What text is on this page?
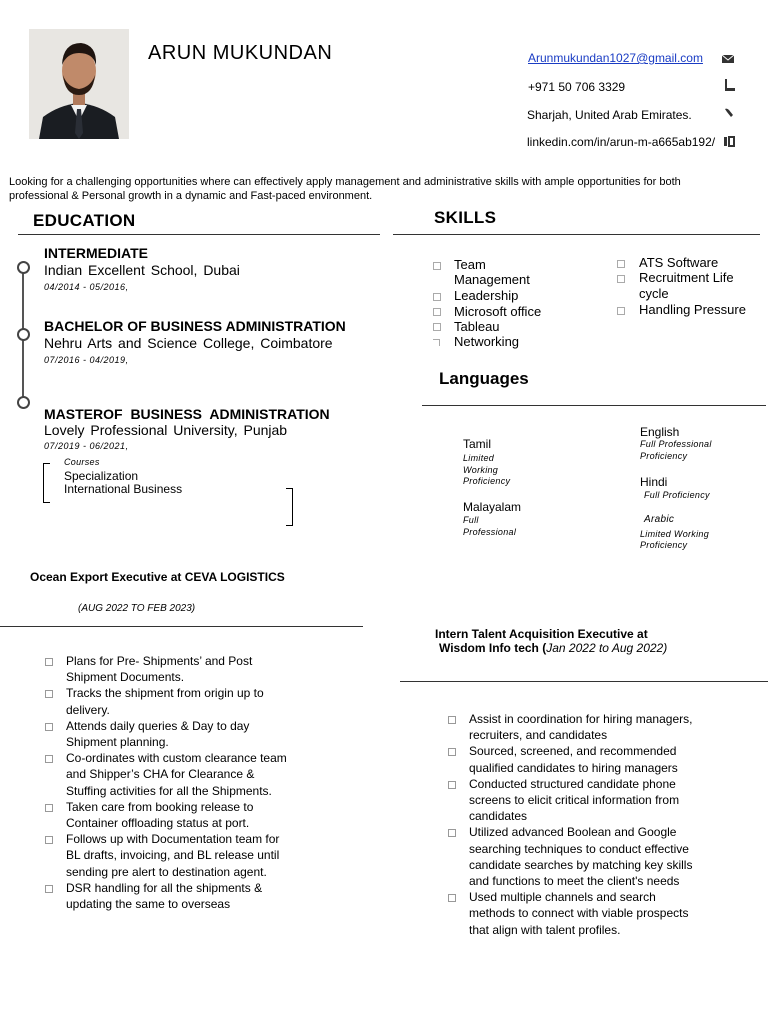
ARUN MUKUNDAN	Arunmukundan1027@gmail.com
+971 50 706 3329
Sharjah, United Arab Emirates.
linkedin.com/in/arun-m-a665ab192/
Looking for a challenging opportunities where can effectively apply management and administrative skills with ample opportunities for both professional & Personal growth in a dynamic and Fast-paced environment.
EDUCATION
INTERMEDIATE
Indian Excellent School, Dubai
04/2014 - 05/2016,
BACHELOR OF BUSINESS ADMINISTRATION
Nehru Arts and Science College, Coimbatore
07/2016 - 04/2019,
MASTEROF BUSINESS ADMINISTRATION
Lovely Professional University, Punjab
07/2019 - 06/2021,
Courses
Specialization
International Business
SKILLS
Team
Management
Leadership
Microsoft office
Tableau
Networking
ATS Software
Recruitment Life
cycle
Handling Pressure
Languages
Tamil
Limited
Working
Proficiency
Malayalam
Full
Professional
English
Full Professional
Proficiency
Hindi
Full Proficiency
Arabic
Limited Working
Proficiency
Ocean Export Executive at CEVA LOGISTICS
(AUG 2022 TO FEB 2023)
Plans for Pre- Shipments’ and Post
Shipment Documents.
Tracks the shipment from origin up to
delivery.
Attends daily queries & Day to day
Shipment planning.
Co-ordinates with custom clearance team
and Shipper’s CHA for Clearance &
Stuffing activities for all the Shipments.
Taken care from booking release to
Container offloading status at port.
Follows up with Documentation team for
BL drafts, invoicing, and BL release until
sending pre alert to destination agent.
DSR handling for all the shipments &
updating the same to overseas
Intern Talent Acquisition Executive at
Wisdom Info tech (Jan 2022 to Aug 2022)
Assist in coordination for hiring managers,
recruiters, and candidates
Sourced, screened, and recommended
qualified candidates to hiring managers
Conducted structured candidate phone
screens to elicit critical information from
candidates
Utilized advanced Boolean and Google
searching techniques to conduct effective
candidate searches by matching key skills
and functions to meet the client's needs
Used multiple channels and search
methods to connect with viable prospects
that align with talent profiles.
